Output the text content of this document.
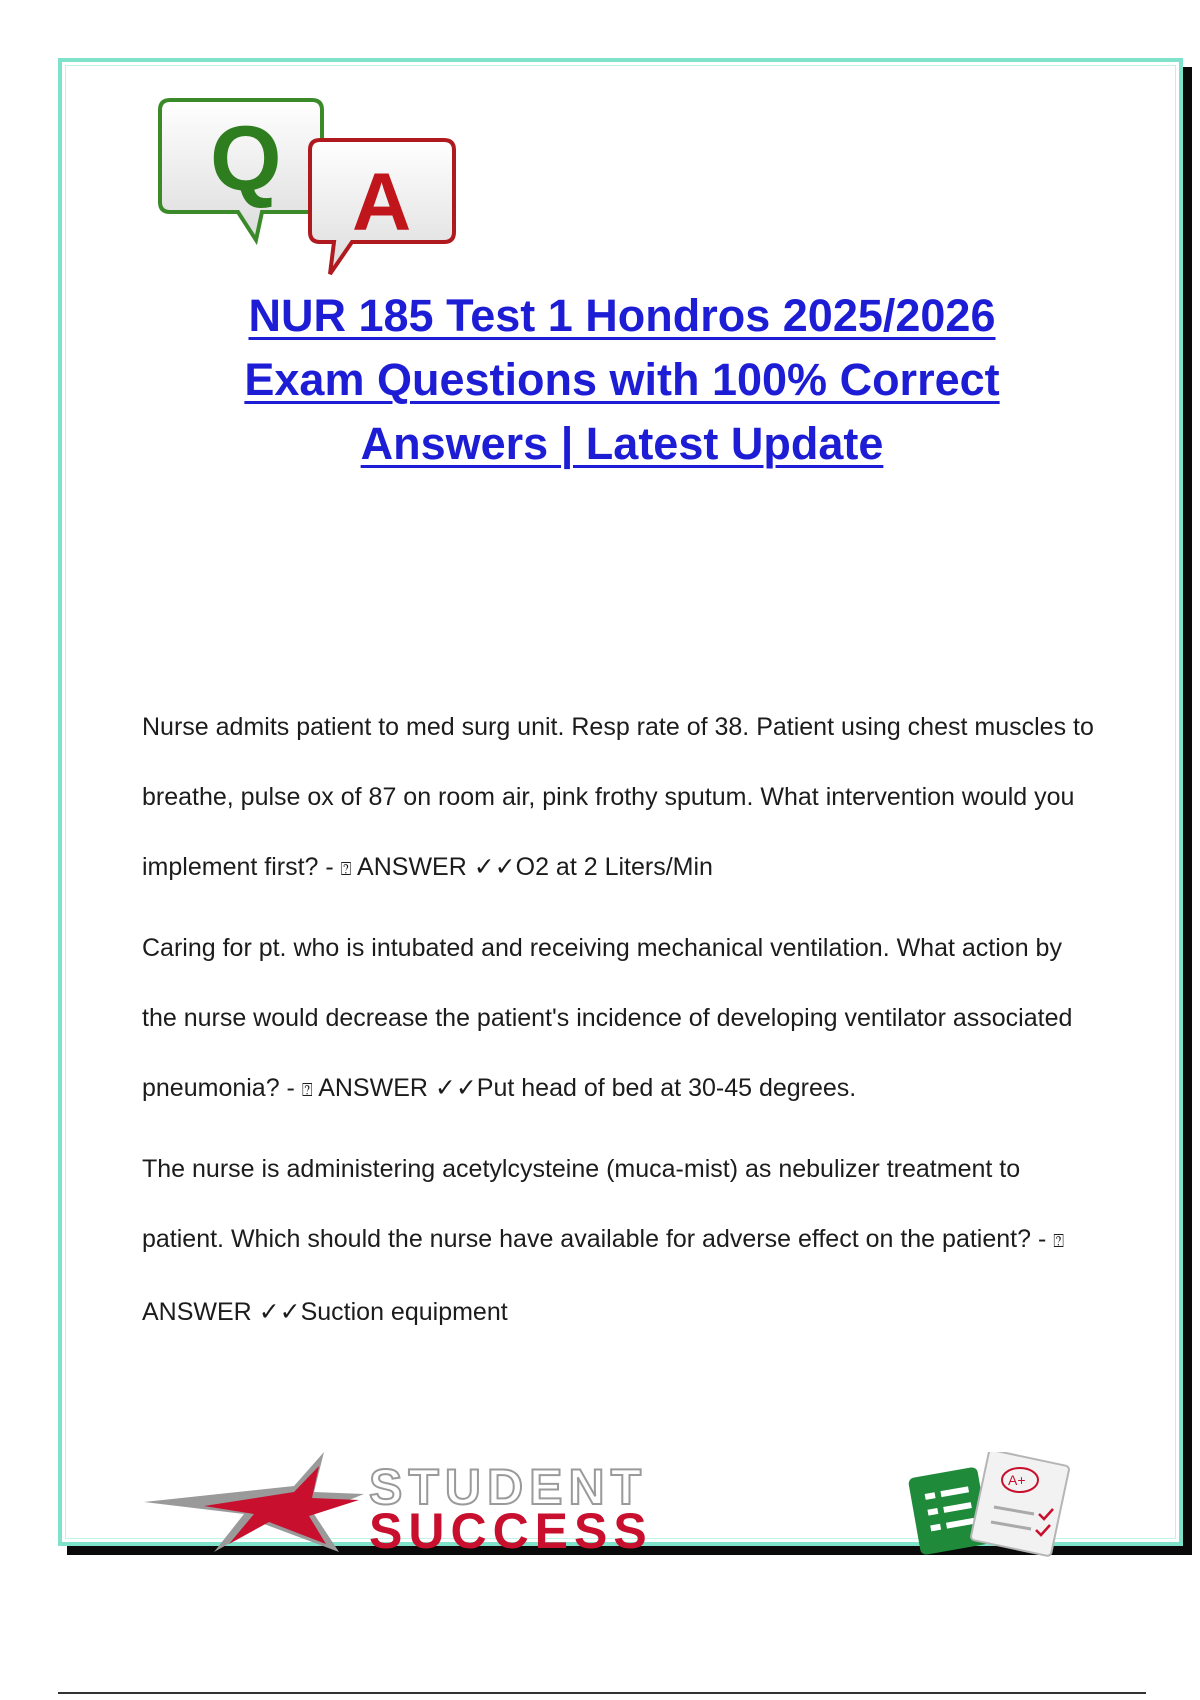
Q A
NUR 185 Test 1 Hondros 2025/2026
Exam Questions with 100% Correct
Answers | Latest Update
Nurse admits patient to med surg unit. Resp rate of 38. Patient using chest muscles to breathe, pulse ox of 87 on room air, pink frothy sputum. What intervention would you implement first? - ⍰ ANSWER ✓✓O2 at 2 Liters/Min
Caring for pt. who is intubated and receiving mechanical ventilation. What action by the nurse would decrease the patient's incidence of developing ventilator associated pneumonia? - ⍰ ANSWER ✓✓Put head of bed at 30-45 degrees.
The nurse is administering acetylcysteine (muca-mist) as nebulizer treatment to patient. Which should the nurse have available for adverse effect on the patient? - ⍰ ANSWER ✓✓Suction equipment
STUDENT
SUCCESS
A+
